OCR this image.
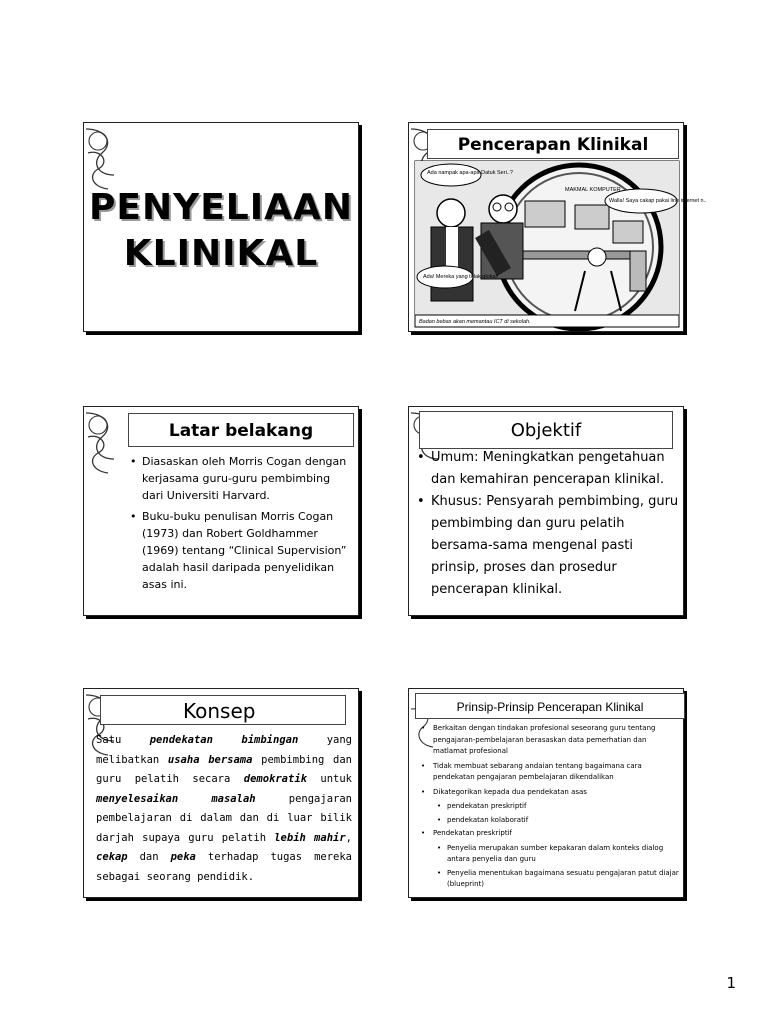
PENYELIAAN
KLINIKAL
Pencerapan Klinikal
Ada nampak apa-apa Datuk Seri..?
Walla! Saya cakap pakai line internet n..
Ada! Mereka yang tidak glokal!
MAKMAL KOMPUTER
Badan bebas akan memantau ICT di sekolah.
Latar belakang
• Diasaskan oleh Morris Cogan dengan kerjasama guru-guru pembimbing dari Universiti Harvard.
• Buku-buku penulisan Morris Cogan (1973) dan Robert Goldhammer (1969) tentang “Clinical Supervision” adalah hasil daripada penyelidikan asas ini.
Objektif
• Umum: Meningkatkan pengetahuan dan kemahiran pencerapan klinikal.
• Khusus: Pensyarah pembimbing, guru pembimbing dan guru pelatih bersama-sama mengenal pasti prinsip, proses dan prosedur pencerapan klinikal.
Konsep

Satu pendekatan bimbingan yang melibatkan usaha bersama pembimbing dan guru pelatih secara demokratik untuk menyelesaikan masalah pengajaran pembelajaran di dalam dan di luar bilik darjah supaya guru pelatih lebih mahir, cekap dan peka terhadap tugas mereka sebagai seorang pendidik.

Prinsip-Prinsip Pencerapan Klinikal
• Berkaitan dengan tindakan profesional seseorang guru tentang pengajaran-pembelajaran berasaskan data pemerhatian dan matlamat profesional
• Tidak membuat sebarang andaian tentang bagaimana cara pendekatan pengajaran pembelajaran dikendalikan
• Dikategorikan kepada dua pendekatan asas
• pendekatan preskriptif
• pendekatan kolaboratif
• Pendekatan preskriptif
• Penyelia merupakan sumber kepakaran dalam konteks dialog antara penyelia dan guru
• Penyelia menentukan bagaimana sesuatu pengajaran patut diajar (blueprint)
1
